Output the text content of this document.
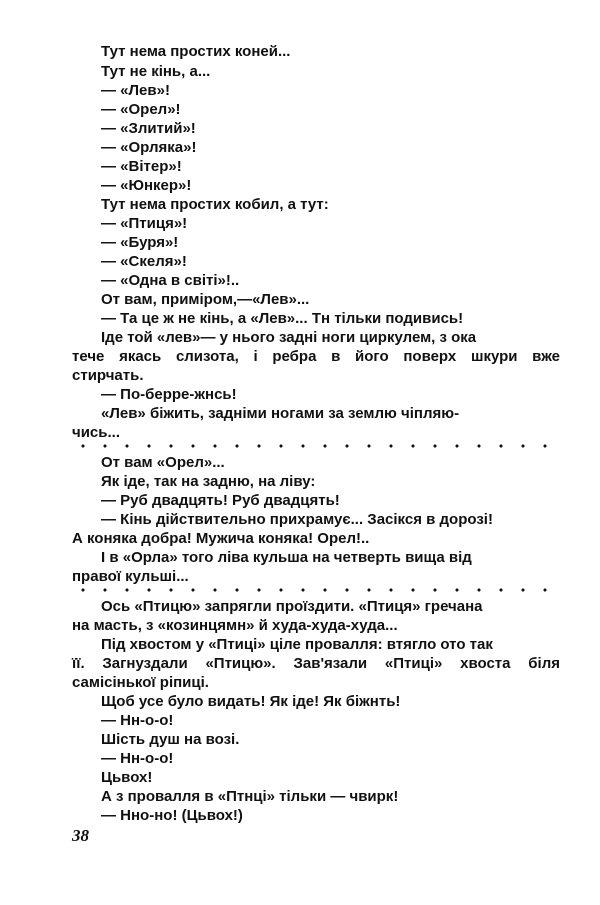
Тут нема простих коней...
Тут не кінь, а...
— «Лев»!
— «Орел»!
— «Злитий»!
— «Орляка»!
— «Вітер»!
— «Юнкер»!
Тут нема простих кобил, а тут:
— «Птиця»!
— «Буря»!
— «Скеля»!
— «Одна в світі»!..
От вам, приміром,—«Лев»...
— Та це ж не кінь, а «Лев»... Тн тільки подивись!
Іде той «лев»— у нього задні ноги циркулем, з ока
тече якась слизота, і ребра в його поверх шкури вже
стирчать.
— По-берре-жнсь!
«Лев» біжить, задніми ногами за землю чіпляю-
чись...
От вам «Орел»...
Як іде, так на задню, на ліву:
— Руб двадцять! Руб двадцять!
— Кінь дійствительно прихрамує... Засікся в дорозі!
А коняка добра! Мужича коняка! Орел!..
І в «Орла» того ліва кульша на четверть вища від
правої кульші...
Ось «Птицю» запрягли проїздити. «Птиця» гречана
на масть, з «козинцямн» й худа-худа-худа...
Під хвостом у «Птиці» ціле провалля: втягло ото так
її. Загнуздали «Птицю». Зав'язали «Птиці» хвоста біля
самісінької ріпиці.
Щоб усе було видать! Як іде! Як біжнть!
— Нн-о-о!
Шість душ на возі.
— Нн-о-о!
Цьвох!
А з провалля в «Птнці» тільки — чвирк!
— Нно-но! (Цьвох!)
38
